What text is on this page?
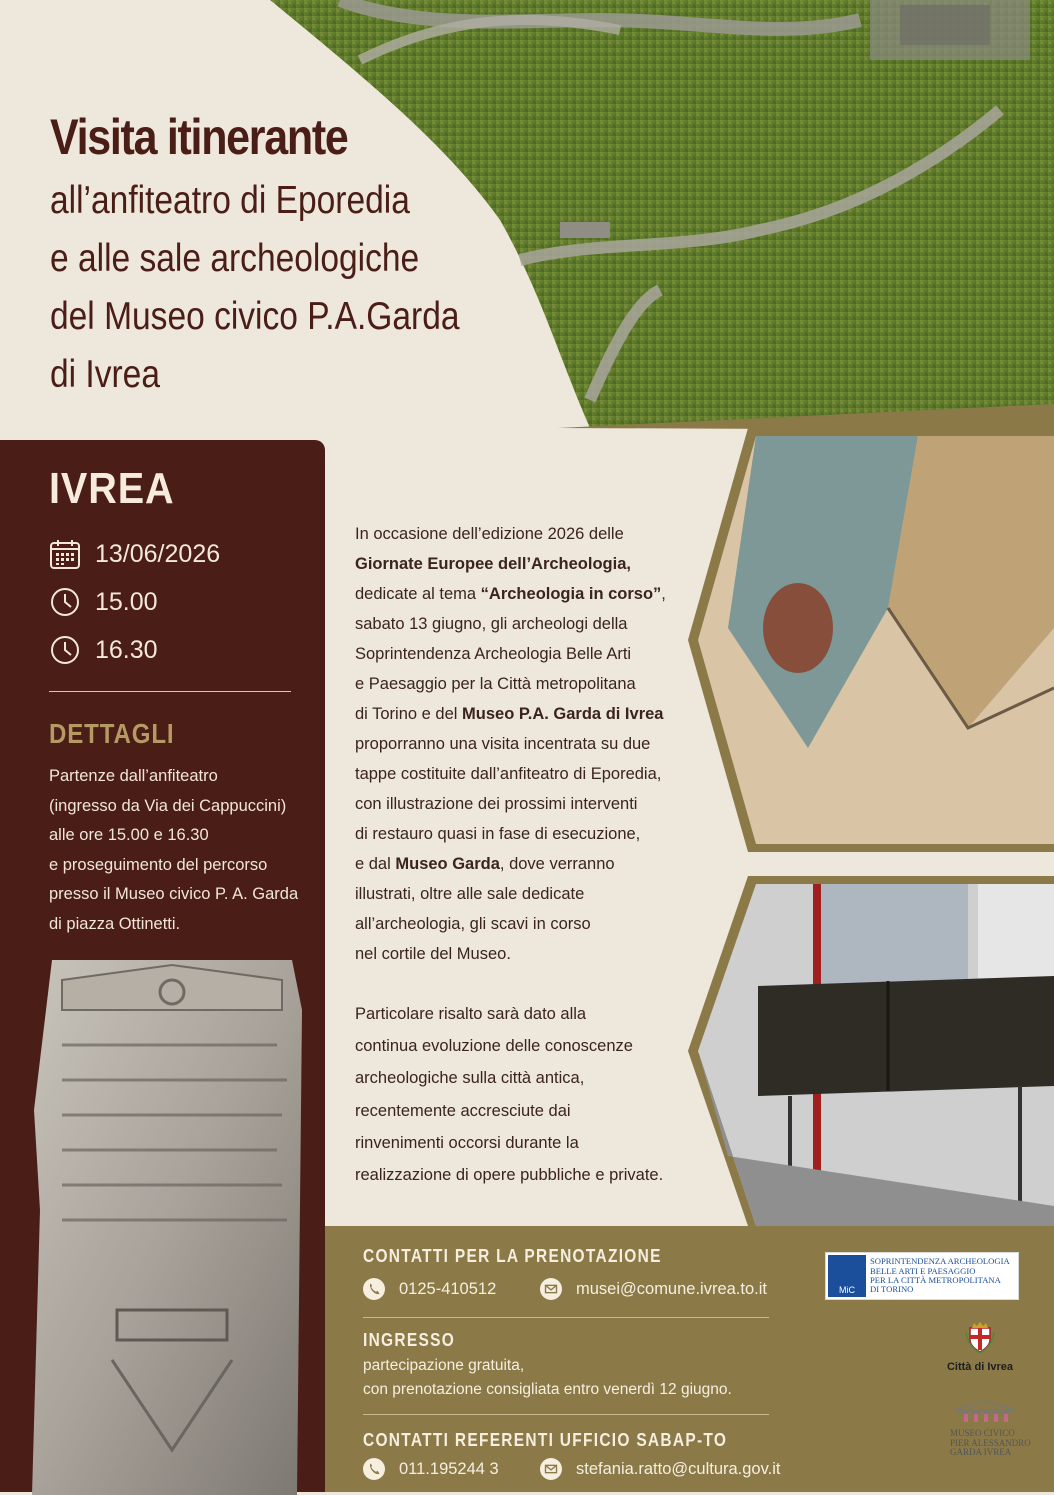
Visita itinerante
all’anfiteatro di Eporedia
e alle sale archeologiche
del Museo civico P.A.Garda
di Ivrea
IVREA
13/06/2026
15.00
16.30
DETTAGLI
Partenze dall’anfiteatro
(ingresso da Via dei Cappuccini)
alle ore 15.00 e 16.30
e proseguimento del percorso
presso il Museo civico P. A. Garda
di piazza Ottinetti.
In occasione dell’edizione 2026 delle
Giornate Europee dell’Archeologia,
dedicate al tema “Archeologia in corso”,
sabato 13 giugno, gli archeologi della
Soprintendenza Archeologia Belle Arti
e Paesaggio per la Città metropolitana
di Torino e del Museo P.A. Garda di Ivrea
proporranno una visita incentrata su due
tappe costituite dall’anfiteatro di Eporedia,
con illustrazione dei prossimi interventi
di restauro quasi in fase di esecuzione,
e dal Museo Garda, dove verranno
illustrati, oltre alle sale dedicate
all’archeologia, gli scavi in corso
nel cortile del Museo.
Particolare risalto sarà dato alla
continua evoluzione delle conoscenze
archeologiche sulla città antica,
recentemente accresciute dai
rinvenimenti occorsi durante la
realizzazione di opere pubbliche e private.
CONTATTI PER LA PRENOTAZIONE
0125-410512	musei@comune.ivrea.to.it
INGRESSO
partecipazione gratuita,
con prenotazione consigliata entro venerdì 12 giugno.
CONTATTI REFERENTI UFFICIO SABAP-TO
011.195244 3	stefania.ratto@cultura.gov.it
MiC
SOPRINTENDENZA ARCHEOLOGIA
BELLE ARTI E PAESAGGIO
PER LA CITTÀ METROPOLITANA
DI TORINO
Città di Ivrea
MUSEO CIVICO
PIER ALESSANDRO
GARDA IVREA
